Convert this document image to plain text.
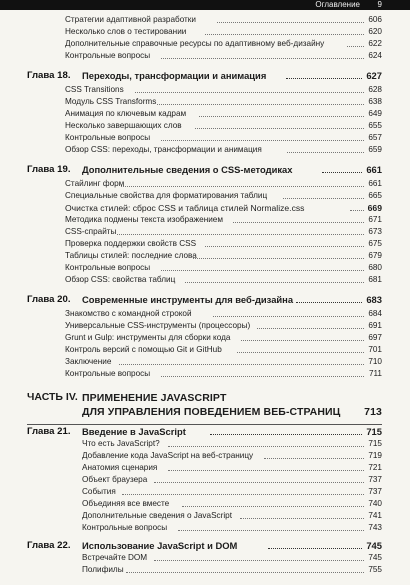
Оглавление 9
Стратегии адаптивной разработки	606
Несколько слов о тестировании	620
Дополнительные справочные ресурсы по адаптивному веб-дизайну	622
Контрольные вопросы	624
Глава 18. Переходы, трансформации и анимация	627
CSS Transitions	628
Модуль CSS Transforms	638
Анимация по ключевым кадрам	649
Несколько завершающих слов	655
Контрольные вопросы	657
Обзор CSS: переходы, трансформации и анимация	659
Глава 19. Дополнительные сведения о CSS-методиках	661
Стайлинг форм	661
Специальные свойства для форматирования таблиц	665
Очистка стилей: сброс CSS и таблица стилей Normalize.css	669
Методика подмены текста изображением	671
CSS-спрайты	673
Проверка поддержки свойств CSS	675
Таблицы стилей: последние слова	679
Контрольные вопросы	680
Обзор CSS: свойства таблиц	681
Глава 20. Современные инструменты для веб-дизайна	683
Знакомство с командной строкой	684
Универсальные CSS-инструменты (процессоры)	691
Grunt и Gulp: инструменты для сборки кода	697
Контроль версий с помощью Git и GitHub	701
Заключение	710
Контрольные вопросы	711
ЧАСТЬ IV. ПРИМЕНЕНИЕ JAVASCRIPT
ДЛЯ УПРАВЛЕНИЯ ПОВЕДЕНИЕМ ВЕБ-СТРАНИЦ	713
Глава 21. Введение в JavaScript	715
Что есть JavaScript?	715
Добавление кода JavaScript на веб-страницу	719
Анатомия сценария	721
Объект браузера	737
События	737
Объединяя все вместе	740
Дополнительные сведения о JavaScript	741
Контрольные вопросы	743
Глава 22. Использование JavaScript и DOM	745
Встречайте DOM	745
Полифилы	755
